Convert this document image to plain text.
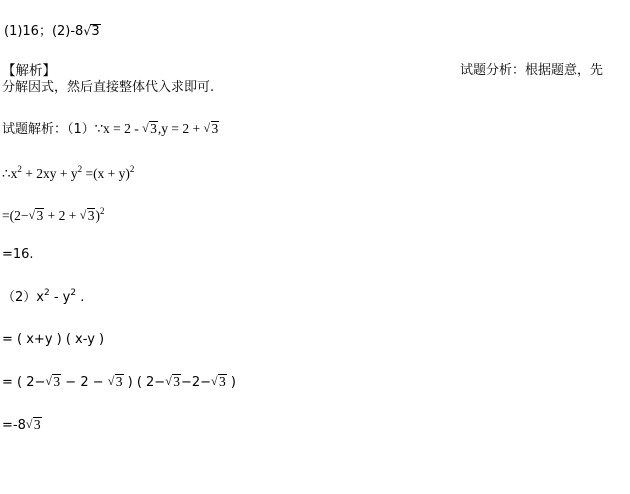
(1)16；(2)-8 √ 3
【解析】	试题分析：根据题意，先
分解因式，然后直接整体代入求即可.
试题解析：（1）∵x = 2 - √ 3,y = 2 + √ 3
$\therefore x^2 + 2xy + y^2 =(x + y)^2$
=(2− √ 3 + 2 + √ 3)$^2$
=16.
$(2)x^2 - y^2$ .
= ( x+y ) ( x-y )
= ( 2− √ 3 − 2 − √ 3 ) ( 2− √ 3−2− √ 3 )
=-8 √ 3
